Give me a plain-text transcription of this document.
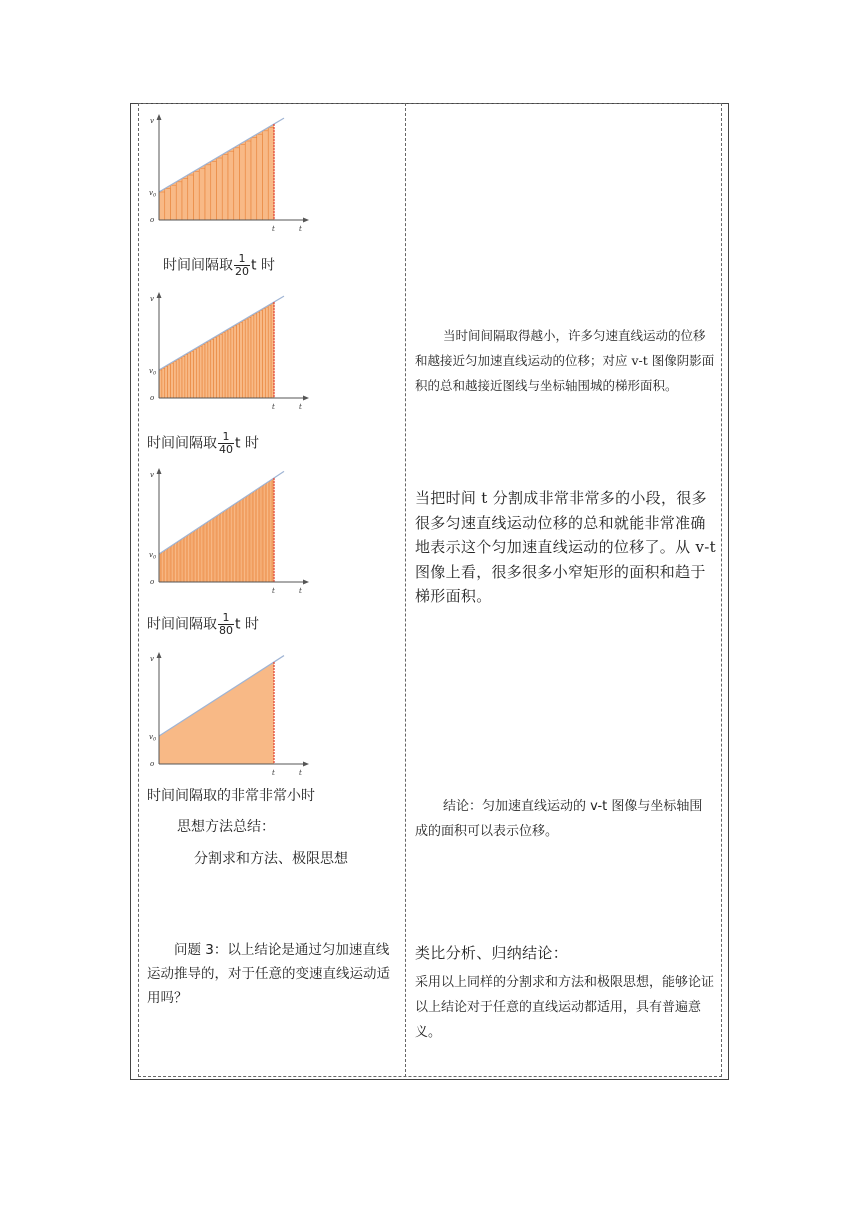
v
$v_0$
o
t	t
时间间隔取 $\frac{1}{20}$ t 时
v
$v_0$
o
t	t
时间间隔取 $\frac{1}{40}$ t 时
v
$v_0$
o
t	t
时间间隔取 $\frac{1}{80}$ t 时
v
$v_0$
o
t	t
时间间隔取的非常非常小时
思想方法总结：
分割求和方法、极限思想
问题 3：以上结论是通过匀加速直线运动推导的，对于任意的变速直线运动适用吗？
当时间间隔取得越小，许多匀速直线运动的位移和越接近匀加速直线运动的位移；对应 v-t 图像阴影面积的总和越接近图线与坐标轴围城的梯形面积。
当把时间 t 分割成非常非常多的小段，很多很多匀速直线运动位移的总和就能非常准确地表示这个匀加速直线运动的位移了。从 v-t 图像上看，很多很多小窄矩形的面积和趋于梯形面积。
结论：匀加速直线运动的 v-t 图像与坐标轴围成的面积可以表示位移。
类比分析、归纳结论：
采用以上同样的分割求和方法和极限思想，能够论证以上结论对于任意的直线运动都适用，具有普遍意义。
